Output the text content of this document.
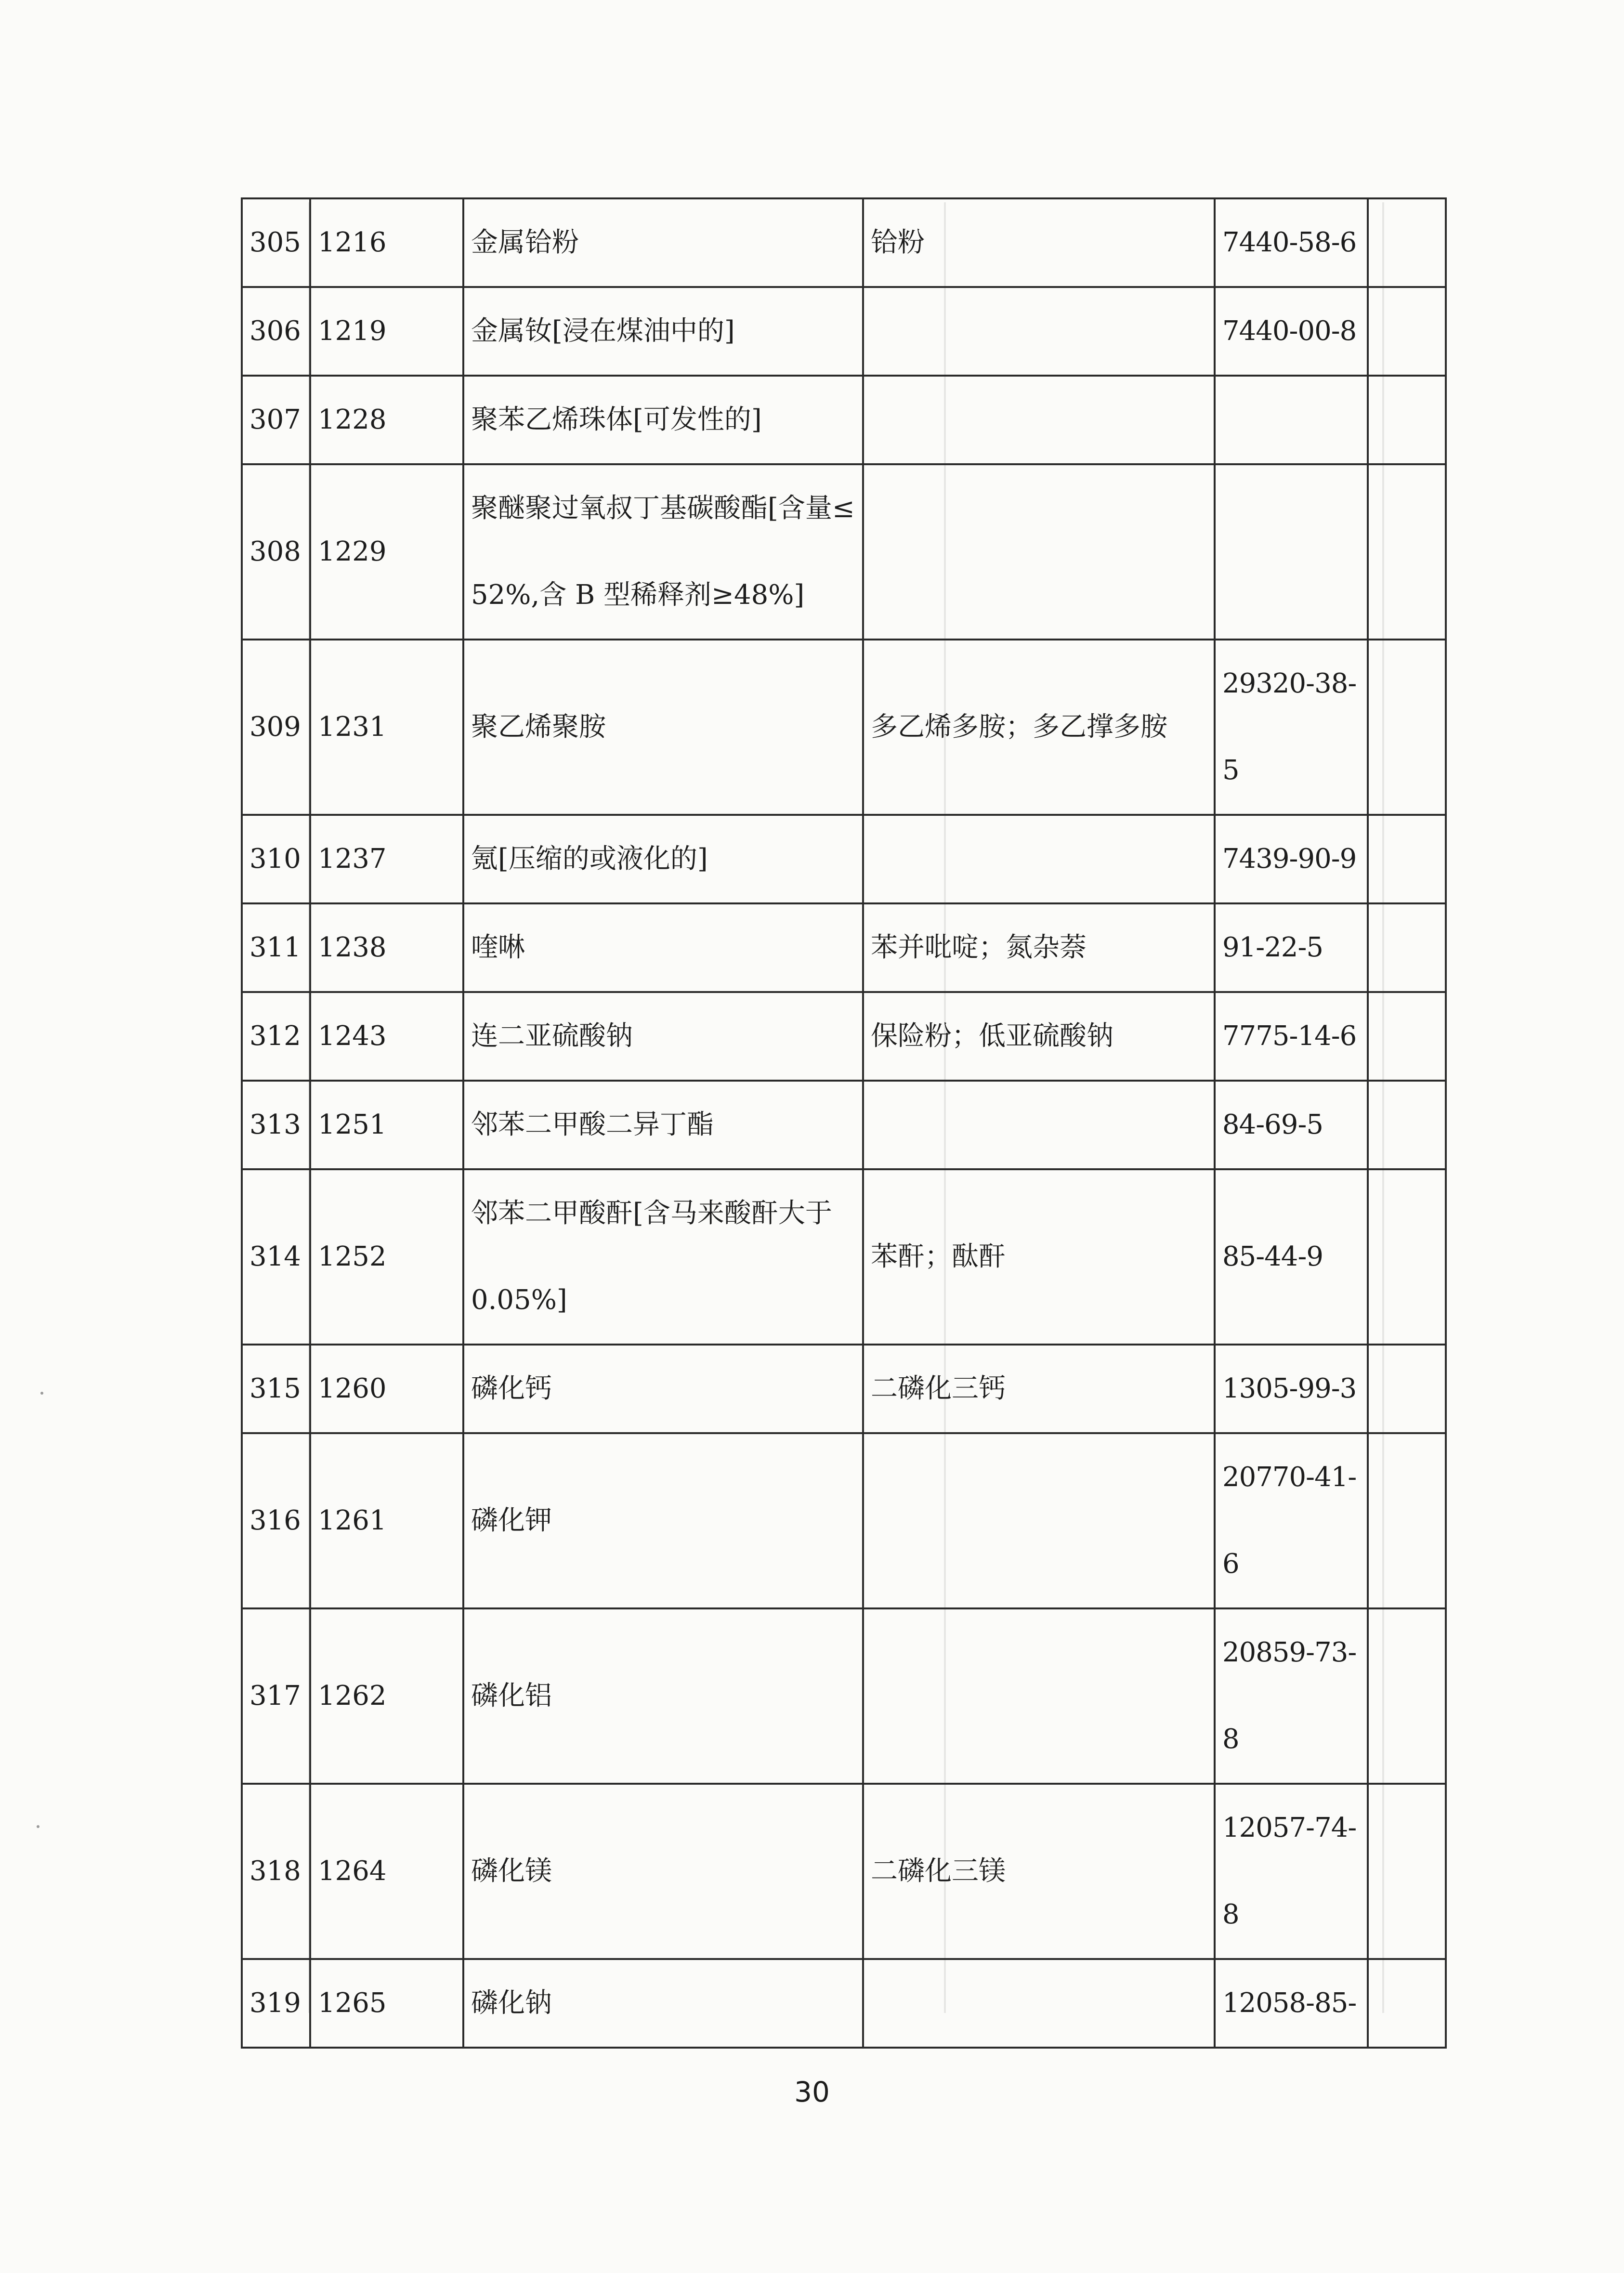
305	1216	金属铪粉	铪粉	7440-58-6	
306	1219	金属钕[浸在煤油中的]		7440-00-8	
307	1228	聚苯乙烯珠体[可发性的]			
308	1229	聚醚聚过氧叔丁基碳酸酯[含量≤52%,含 B 型稀释剂≥48%]			

309	1231	聚乙烯聚胺	多乙烯多胺；多乙撑多胺	29320-38-5	

310	1237	氪[压缩的或液化的]		7439-90-9	
311	1238	喹啉	苯并吡啶；氮杂萘	91-22-5	
312	1243	连二亚硫酸钠	保险粉；低亚硫酸钠	7775-14-6	
313	1251	邻苯二甲酸二异丁酯		84-69-5	
314	1252	邻苯二甲酸酐[含马来酸酐大于0.05%]	苯酐；酞酐	85-44-9	
315	1260	磷化钙	二磷化三钙	1305-99-3	
316	1261	磷化钾		20770-41-6	

317	1262	磷化铝		20859-73-8	

318	1264	磷化镁	二磷化三镁	12057-74-8	

319	1265	磷化钠		12058-85-	
30
